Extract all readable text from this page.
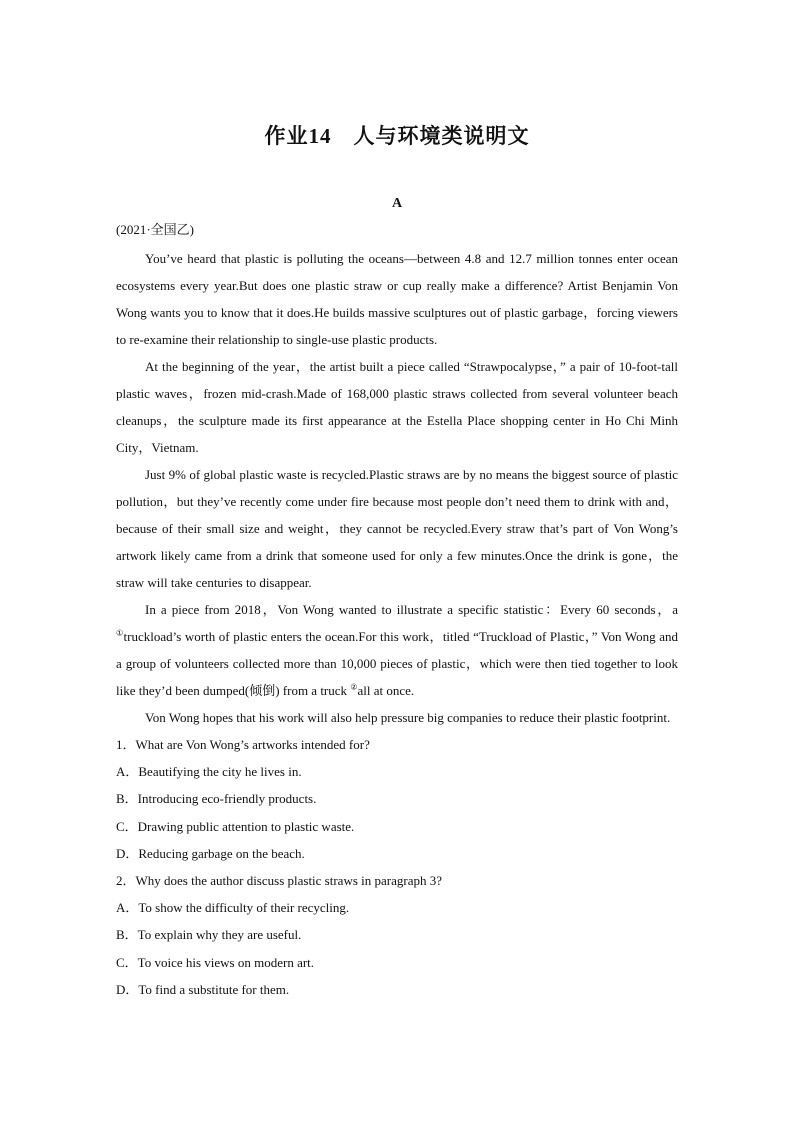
作业14　人与环境类说明文
A
(2021·全国乙)

You’ve heard that plastic is polluting the oceans—between 4.8 and 12.7 million tonnes enter ocean ecosystems every year.But does one plastic straw or cup really make a difference? Artist Benjamin Von Wong wants you to know that it does.He builds massive sculptures out of plastic garbage，forcing viewers to re-examine their relationship to single-use plastic products.

At the beginning of the year，the artist built a piece called “Strawpocalypse，” a pair of 10-foot-tall plastic waves，frozen mid-crash.Made of 168,000 plastic straws collected from several volunteer beach cleanups，the sculpture made its first appearance at the Estella Place shopping center in Ho Chi Minh City，Vietnam.

Just 9% of global plastic waste is recycled.Plastic straws are by no means the biggest source of plastic pollution，but they’ve recently come under fire because most people don’t need them to drink with and，because of their small size and weight，they cannot be recycled.Every straw that’s part of Von Wong’s artwork likely came from a drink that someone used for only a few minutes.Once the drink is gone，the straw will take centuries to disappear.

In a piece from 2018，Von Wong wanted to illustrate a specific statistic：Every 60 seconds，a ①truckload’s worth of plastic enters the ocean.For this work，titled “Truckload of Plastic，” Von Wong and a group of volunteers collected more than 10,000 pieces of plastic，which were then tied together to look like they’d been dumped(倾倒) from a truck ②all at once.

Von Wong hopes that his work will also help pressure big companies to reduce their plastic footprint.

1．What are Von Wong’s artworks intended for?

A．Beautifying the city he lives in.

B．Introducing eco-friendly products.

C．Drawing public attention to plastic waste.

D．Reducing garbage on the beach.

2．Why does the author discuss plastic straws in paragraph 3?

A．To show the difficulty of their recycling.

B．To explain why they are useful.

C．To voice his views on modern art.

D．To find a substitute for them.
